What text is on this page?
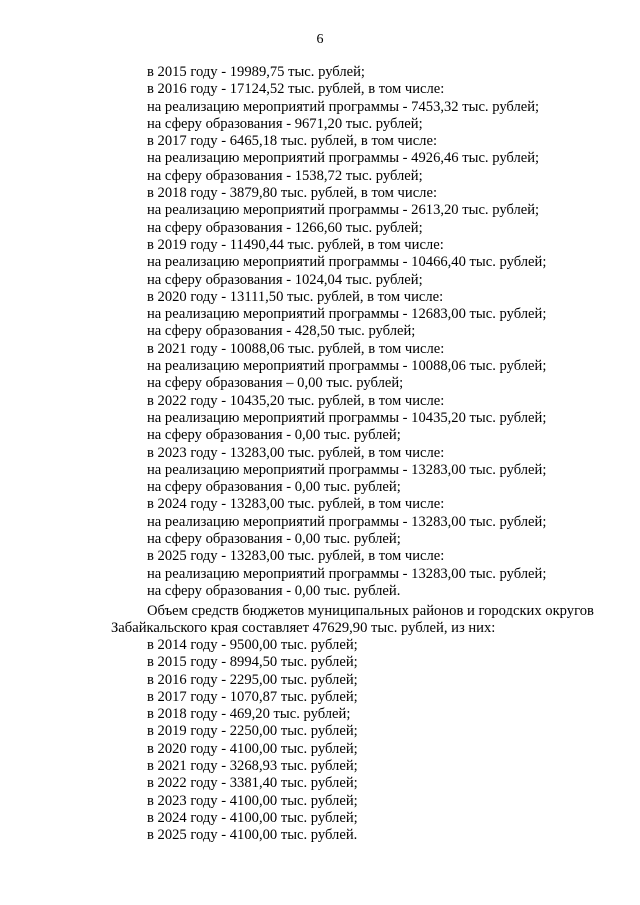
6
в 2015 году - 19989,75 тыс. рублей;
в 2016 году - 17124,52 тыс. рублей, в том числе:
на реализацию мероприятий программы - 7453,32 тыс. рублей;
на сферу образования - 9671,20 тыс. рублей;
в 2017 году - 6465,18 тыс. рублей, в том числе:
на реализацию мероприятий программы - 4926,46 тыс. рублей;
на сферу образования - 1538,72 тыс. рублей;
в 2018 году - 3879,80 тыс. рублей, в том числе:
на реализацию мероприятий программы - 2613,20 тыс. рублей;
на сферу образования - 1266,60 тыс. рублей;
в 2019 году - 11490,44 тыс. рублей, в том числе:
на реализацию мероприятий программы - 10466,40 тыс. рублей;
на сферу образования - 1024,04 тыс. рублей;
в 2020 году - 13111,50 тыс. рублей, в том числе:
на реализацию мероприятий программы - 12683,00 тыс. рублей;
на сферу образования - 428,50 тыс. рублей;
в 2021 году - 10088,06 тыс. рублей, в том числе:
на реализацию мероприятий программы - 10088,06 тыс. рублей;
на сферу образования – 0,00 тыс. рублей;
в 2022 году - 10435,20 тыс. рублей, в том числе:
на реализацию мероприятий программы - 10435,20 тыс. рублей;
на сферу образования - 0,00 тыс. рублей;
в 2023 году - 13283,00 тыс. рублей, в том числе:
на реализацию мероприятий программы - 13283,00 тыс. рублей;
на сферу образования - 0,00 тыс. рублей;
в 2024 году - 13283,00 тыс. рублей, в том числе:
на реализацию мероприятий программы - 13283,00 тыс. рублей;
на сферу образования - 0,00 тыс. рублей;
в 2025 году - 13283,00 тыс. рублей, в том числе:
на реализацию мероприятий программы - 13283,00 тыс. рублей;
на сферу образования - 0,00 тыс. рублей.
Объем средств бюджетов муниципальных районов и городских округов
Забайкальского края составляет 47629,90 тыс. рублей, из них:
в 2014 году - 9500,00 тыс. рублей;
в 2015 году - 8994,50 тыс. рублей;
в 2016 году - 2295,00 тыс. рублей;
в 2017 году - 1070,87 тыс. рублей;
в 2018 году - 469,20 тыс. рублей;
в 2019 году - 2250,00 тыс. рублей;
в 2020 году - 4100,00 тыс. рублей;
в 2021 году - 3268,93 тыс. рублей;
в 2022 году - 3381,40 тыс. рублей;
в 2023 году - 4100,00 тыс. рублей;
в 2024 году - 4100,00 тыс. рублей;
в 2025 году - 4100,00 тыс. рублей.
